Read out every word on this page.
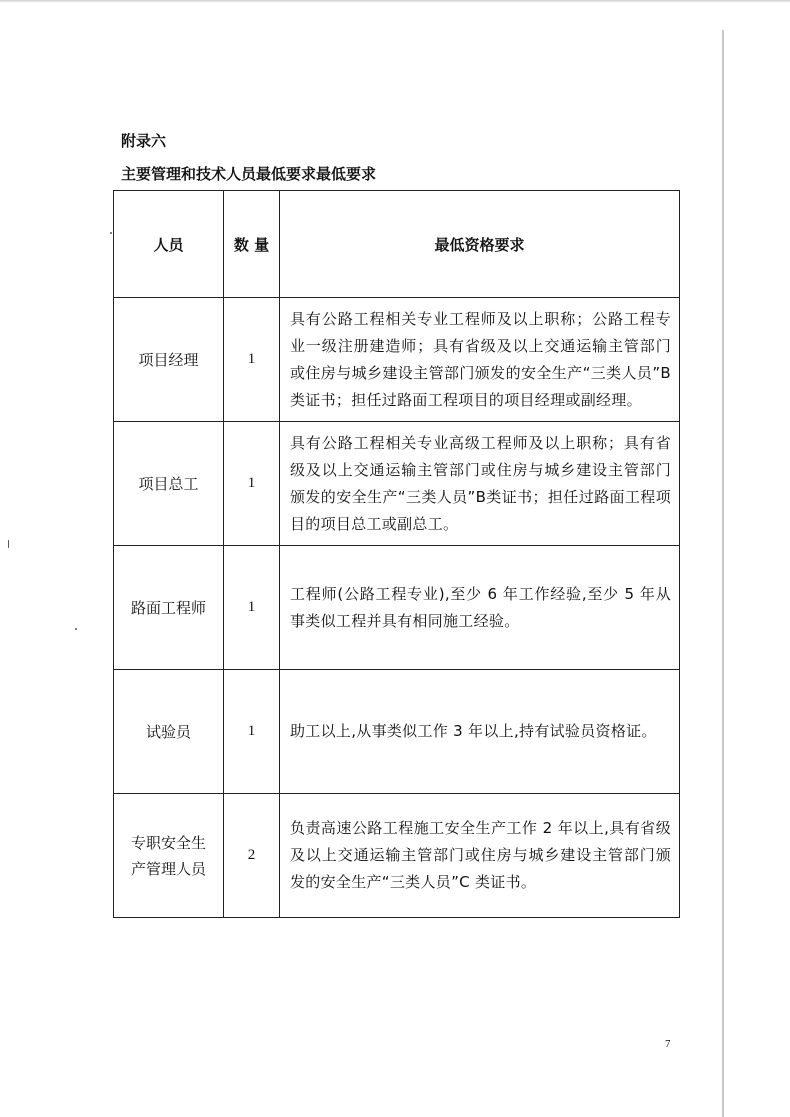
附录六
主要管理和技术人员最低要求最低要求
人员	数 量	最低资格要求
项目经理	1	具有公路工程相关专业工程师及以上职称；公路工程专业一级注册建造师；具有省级及以上交通运输主管部门或住房与城乡建设主管部门颁发的安全生产“三类人员”B类证书；担任过路面工程项目的项目经理或副经理。
项目总工	1	具有公路工程相关专业高级工程师及以上职称；具有省级及以上交通运输主管部门或住房与城乡建设主管部门颁发的安全生产“三类人员”B类证书；担任过路面工程项目的项目总工或副总工。
路面工程师	1	工程师(公路工程专业),至少 6 年工作经验,至少 5 年从事类似工程并具有相同施工经验。
试验员	1	助工以上,从事类似工作 3 年以上,持有试验员资格证。
专职安全生产管理人员	2	负责高速公路工程施工安全生产工作 2 年以上,具有省级及以上交通运输主管部门或住房与城乡建设主管部门颁发的安全生产“三类人员”C 类证书。
7
